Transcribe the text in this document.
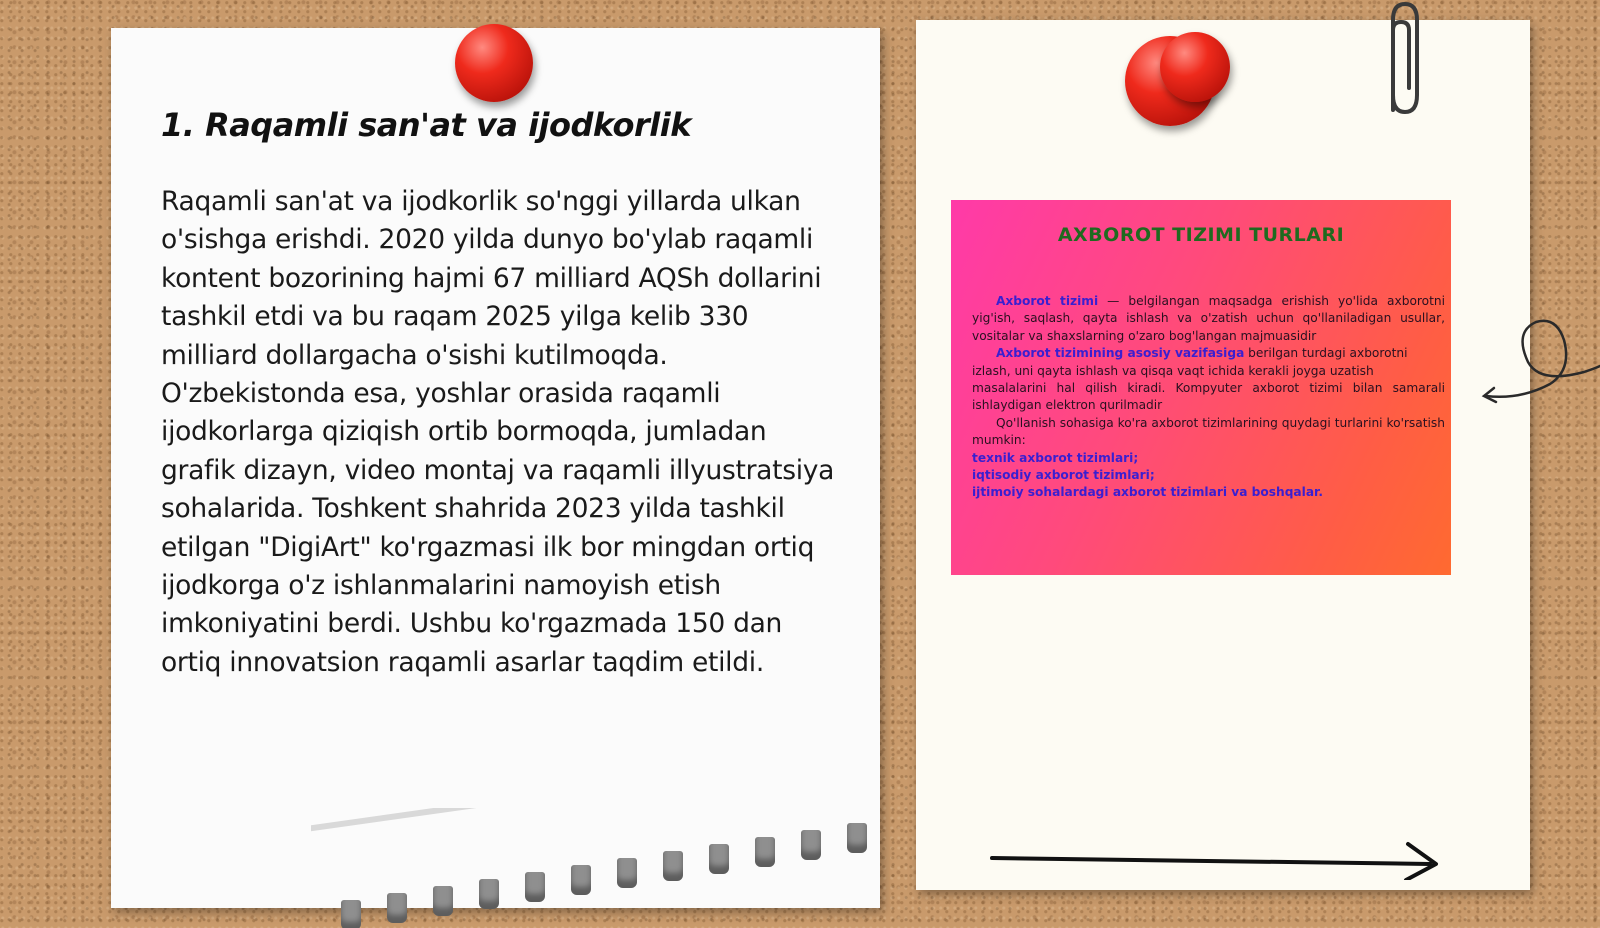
1. Raqamli san'at va ijodkorlik
Raqamli san'at va ijodkorlik so'nggi yillarda ulkan o'sishga erishdi. 2020 yilda dunyo bo'ylab raqamli kontent bozorining hajmi 67 milliard AQSh dollarini tashkil etdi va bu raqam 2025 yilga kelib 330 milliard dollargacha o'sishi kutilmoqda. O'zbekistonda esa, yoshlar orasida raqamli ijodkorlarga qiziqish ortib bormoqda, jumladan grafik dizayn, video montaj va raqamli illyustratsiya sohalarida. Toshkent shahrida 2023 yilda tashkil etilgan "DigiArt" ko'rgazmasi ilk bor mingdan ortiq ijodkorga o'z ishlanmalarini namoyish etish imkoniyatini berdi. Ushbu ko'rgazmada 150 dan ortiq innovatsion raqamli asarlar taqdim etildi.
AXBOROT TIZIMI TURLARI

Axborot tizimi — belgilangan maqsadga erishish yo'lida axborotni yig'ish, saqlash, qayta ishlash va o'zatish uchun qo'llaniladigan usullar, vositalar va shaxslarning o'zaro bog'langan majmuasidir

Axborot tizimining asosiy vazifasiga berilgan turdagi axborotni

izlash, uni qayta ishlash va qisqa vaqt ichida kerakli joyga uzatish

masalalarini hal qilish kiradi. Kompyuter axborot tizimi bilan samarali ishlaydigan elektron qurilmadir

Qo'llanish sohasiga ko'ra axborot tizimlarining quydagi turlarini ko'rsatish mumkin:

texnik axborot tizimlari;

iqtisodiy axborot tizimlari;

ijtimoiy sohalardagi axborot tizimlari va boshqalar.
